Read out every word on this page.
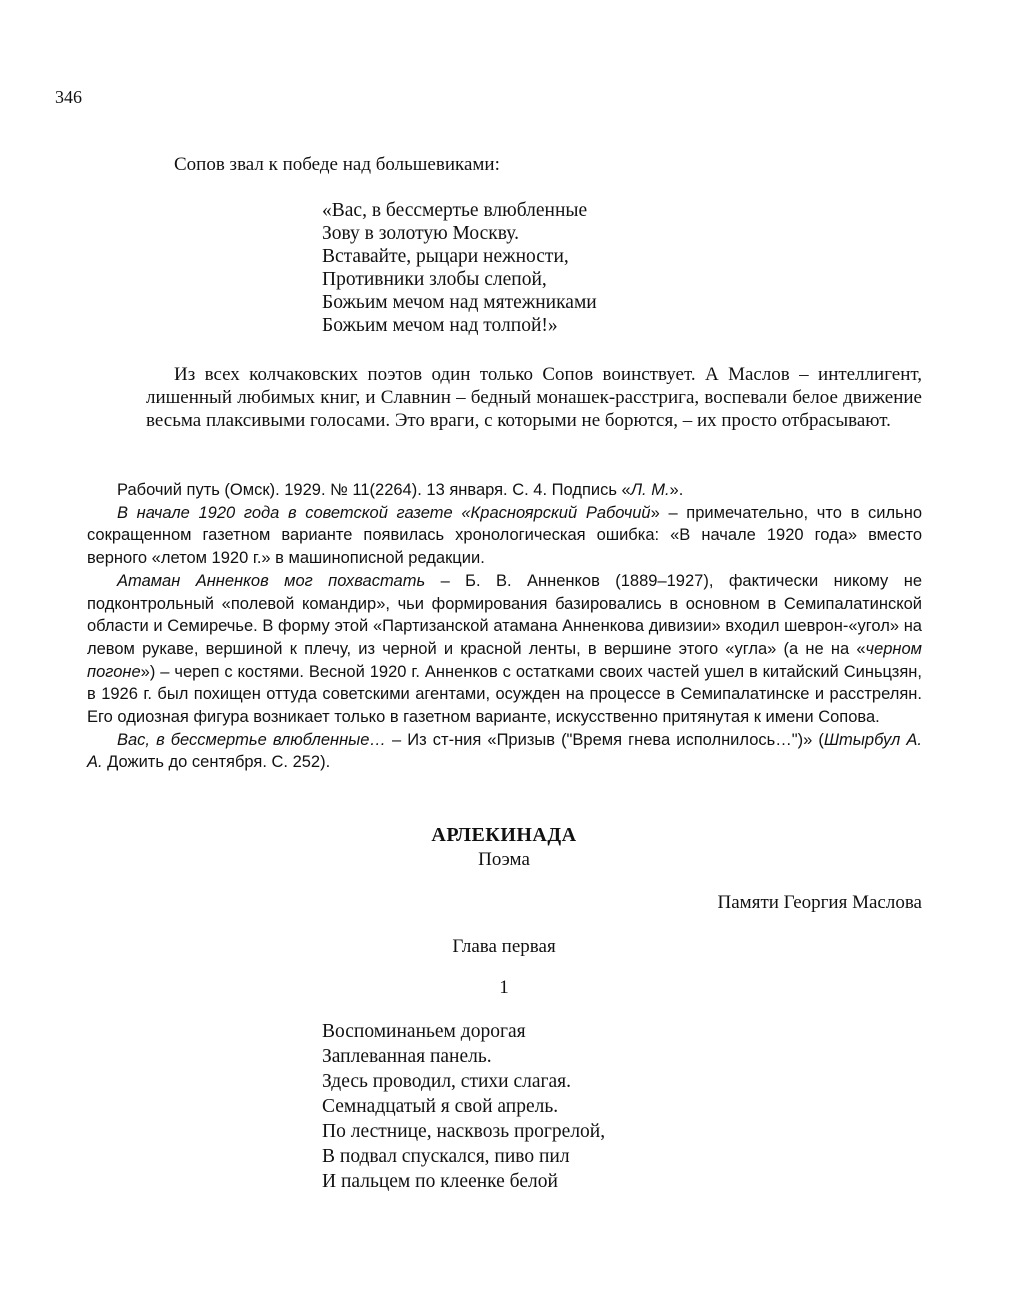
346
Сопов звал к победе над большевиками:
«Вас, в бессмертье влюбленные
Зову в золотую Москву.
Вставайте, рыцари нежности,
Противники злобы слепой,
Божьим мечом над мятежниками
Божьим мечом над толпой!»
Из всех колчаковских поэтов один только Сопов воинствует. А Маслов – интеллигент, лишенный любимых книг, и Славнин – бедный монашек-расстрига, воспевали белое движение весьма плаксивыми голосами. Это враги, с которыми не борются, – их просто отбрасывают.

Рабочий путь (Омск). 1929. № 11(2264). 13 января. С. 4. Подпись «Л. М.».

В начале 1920 года в советской газете «Красноярский Рабочий» – примечательно, что в сильно сокращенном газетном варианте появилась хронологическая ошибка: «В начале 1920 года» вместо верного «летом 1920 г.» в машинописной редакции.

Атаман Анненков мог похвастать – Б. В. Анненков (1889–1927), фактически никому не подконтрольный «полевой командир», чьи формирования базировались в основном в Семипалатинской области и Семиречье. В форму этой «Партизанской атамана Анненкова дивизии» входил шеврон-«угол» на левом рукаве, вершиной к плечу, из черной и красной ленты, в вершине этого «угла» (а не на «черном погоне») – череп с костями. Весной 1920 г. Анненков с остатками своих частей ушел в китайский Синьцзян, в 1926 г. был похищен оттуда советскими агентами, осужден на процессе в Семипалатинске и расстрелян. Его одиозная фигура возникает только в газетном варианте, искусственно притянутая к имени Сопова.

Вас, в бессмертье влюбленные… – Из ст-ния «Призыв ("Время гнева исполнилось…")» (Штырбул А. А. Дожить до сентября. С. 252).

АРЛЕКИНАДА
Поэма
Памяти Георгия Маслова
Глава первая
1
Воспоминаньем дорогая
Заплеванная панель.
Здесь проводил, стихи слагая.
Семнадцатый я свой апрель.
По лестнице, насквозь прогрелой,
В подвал спускался, пиво пил
И пальцем по клеенке белой
